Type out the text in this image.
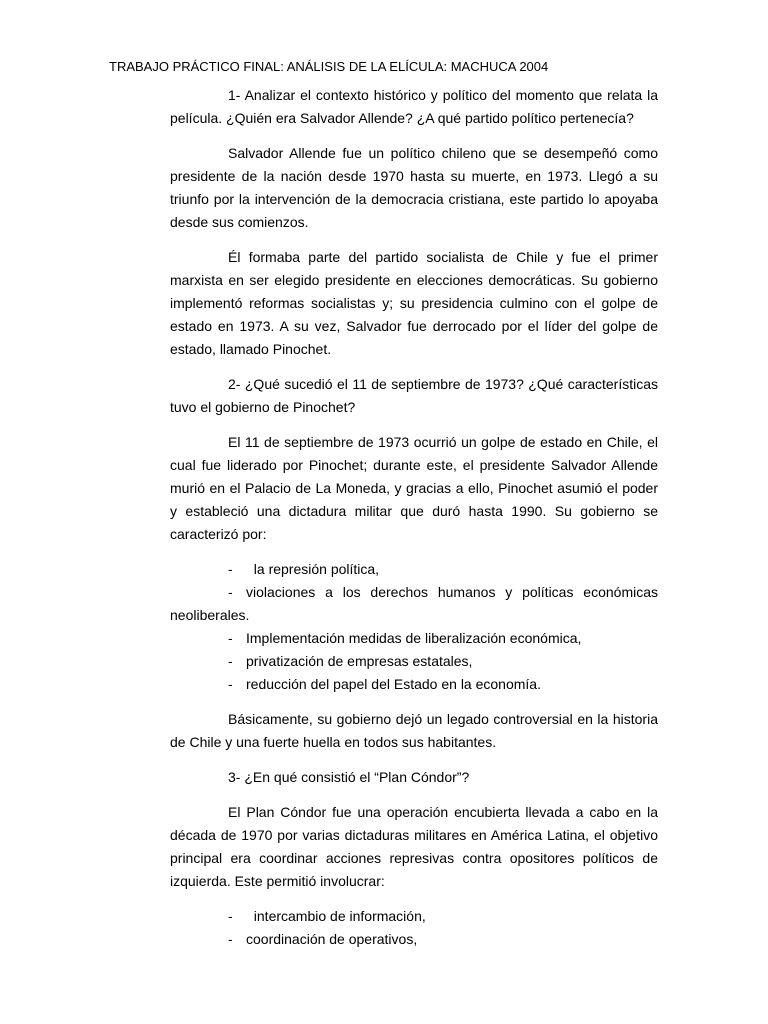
TRABAJO PRÁCTICO FINAL: ANÁLISIS DE LA ELÍCULA: MACHUCA 2004

1- Analizar el contexto histórico y político del momento que relata la película. ¿Quién era Salvador Allende? ¿A qué partido político pertenecía?

Salvador Allende fue un político chileno que se desempeñó como presidente de la nación desde 1970 hasta su muerte, en 1973. Llegó a su triunfo por la intervención de la democracia cristiana, este partido lo apoyaba desde sus comienzos.

Él formaba parte del partido socialista de Chile y fue el primer marxista en ser elegido presidente en elecciones democráticas. Su gobierno implementó reformas socialistas y; su presidencia culmino con el golpe de estado en 1973. A su vez, Salvador fue derrocado por el líder del golpe de estado, llamado Pinochet.

2- ¿Qué sucedió el 11 de septiembre de 1973? ¿Qué características tuvo el gobierno de Pinochet?

El 11 de septiembre de 1973 ocurrió un golpe de estado en Chile, el cual fue liderado por Pinochet; durante este, el presidente Salvador Allende murió en el Palacio de La Moneda, y gracias a ello, Pinochet asumió el poder y estableció una dictadura militar que duró hasta 1990. Su gobierno se caracterizó por:

- la represión política,

- violaciones a los derechos humanos y políticas económicas neoliberales.

- Implementación medidas de liberalización económica,

- privatización de empresas estatales,

- reducción del papel del Estado en la economía.

Básicamente, su gobierno dejó un legado controversial en la historia de Chile y una fuerte huella en todos sus habitantes.

3- ¿En qué consistió el “Plan Cóndor”?

El Plan Cóndor fue una operación encubierta llevada a cabo en la década de 1970 por varias dictaduras militares en América Latina, el objetivo principal era coordinar acciones represivas contra opositores políticos de izquierda. Este permitió involucrar:

- intercambio de información,

- coordinación de operativos,
